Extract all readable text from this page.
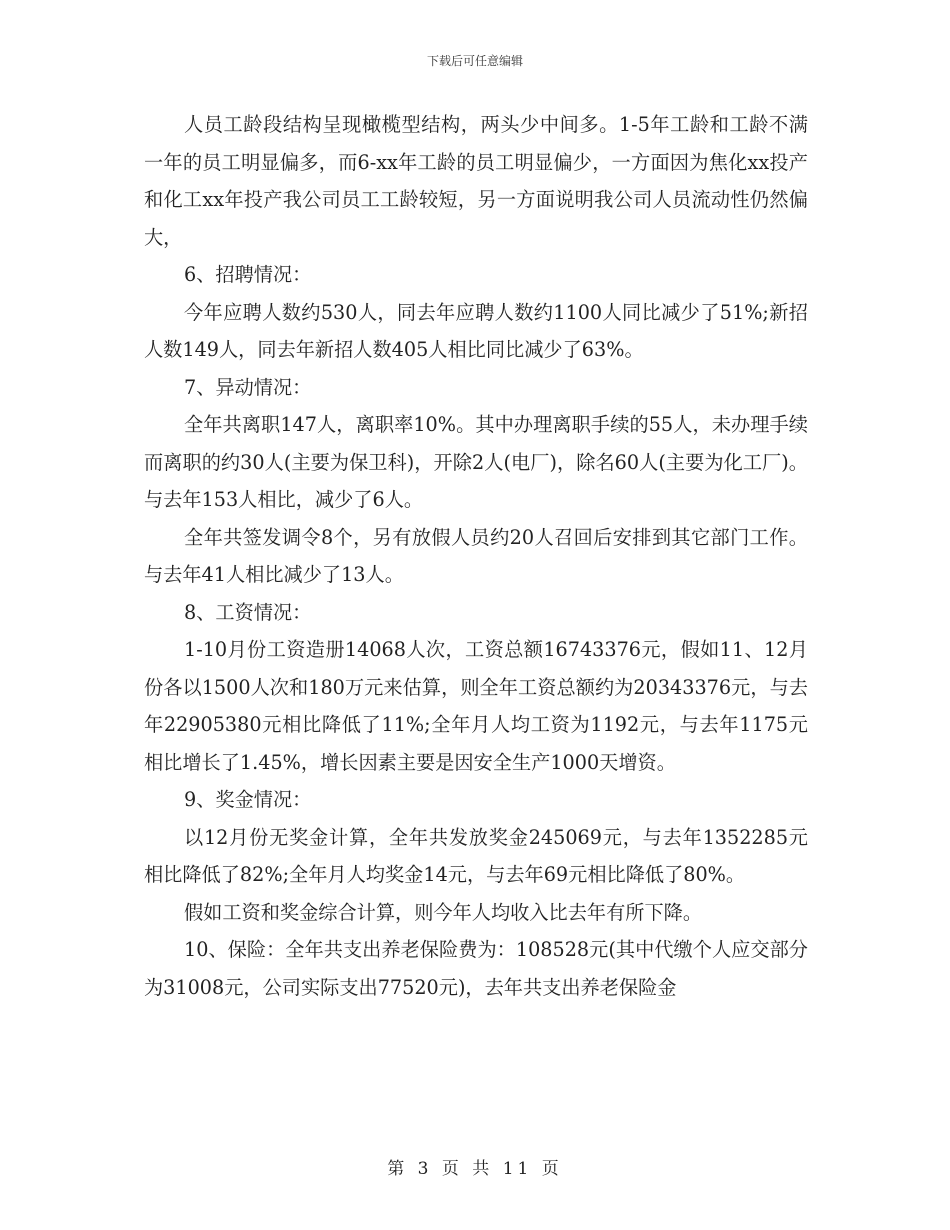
下载后可任意编辑

人员工龄段结构呈现橄榄型结构，两头少中间多。1-5年工龄和工龄不满一年的员工明显偏多，而6-xx年工龄的员工明显偏少，一方面因为焦化xx投产和化工xx年投产我公司员工工龄较短，另一方面说明我公司人员流动性仍然偏大，

6、招聘情况：

今年应聘人数约530人，同去年应聘人数约1100人同比减少了51%;新招人数149人，同去年新招人数405人相比同比减少了63%。

7、异动情况：

全年共离职147人，离职率10%。其中办理离职手续的55人，未办理手续而离职的约30人(主要为保卫科)，开除2人(电厂)，除名60人(主要为化工厂)。与去年153人相比，减少了6人。

全年共签发调令8个，另有放假人员约20人召回后安排到其它部门工作。与去年41人相比减少了13人。

8、工资情况：

1-10月份工资造册14068人次，工资总额16743376元，假如11、12月份各以1500人次和180万元来估算，则全年工资总额约为20343376元，与去年22905380元相比降低了11%;全年月人均工资为1192元，与去年1175元相比增长了1.45%，增长因素主要是因安全生产1000天增资。

9、奖金情况：

以12月份无奖金计算，全年共发放奖金245069元，与去年1352285元相比降低了82%;全年月人均奖金14元，与去年69元相比降低了80%。

假如工资和奖金综合计算，则今年人均收入比去年有所下降。

10、保险：全年共支出养老保险费为：108528元(其中代缴个人应交部分为31008元，公司实际支出77520元)，去年共支出养老保险金

第 3 页 共 11 页
